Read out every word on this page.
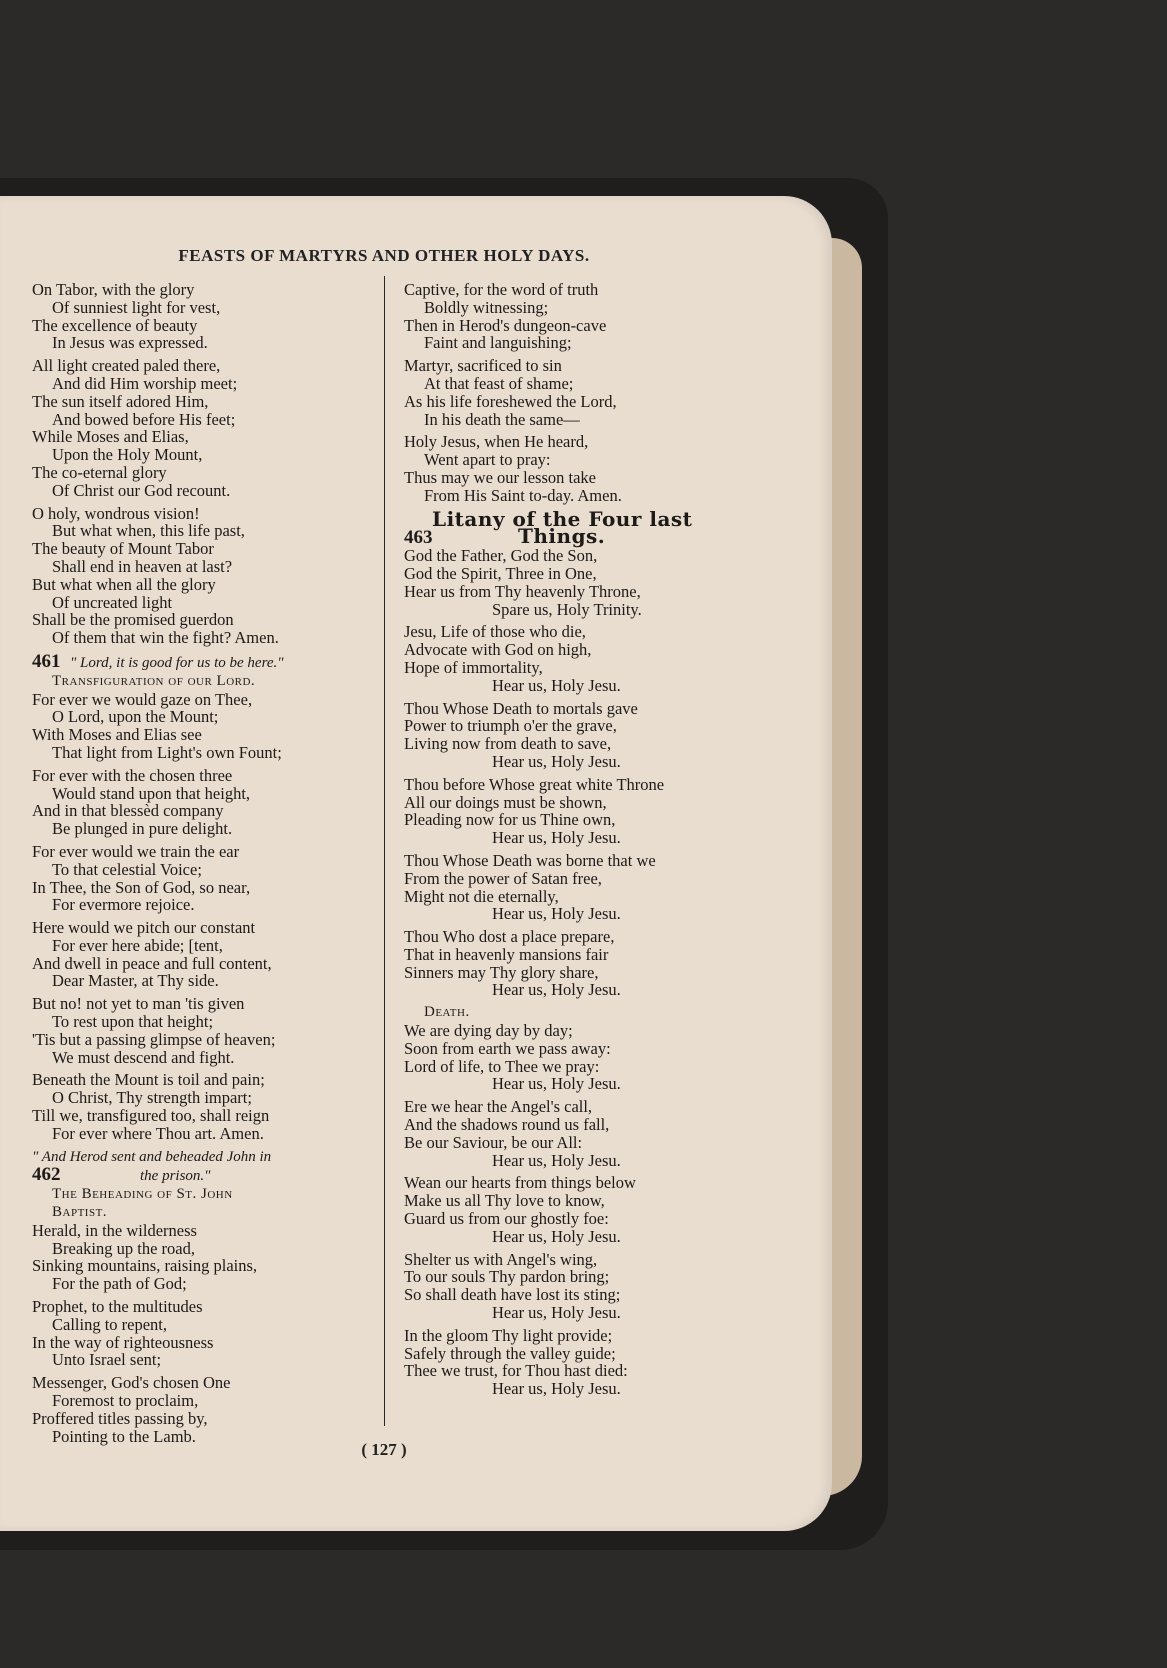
FEASTS OF MARTYRS AND OTHER HOLY DAYS.
On Tabor, with the glory
Of sunniest light for vest,
The excellence of beauty
In Jesus was expressed.
All light created paled there,
And did Him worship meet;
The sun itself adored Him,
And bowed before His feet;
While Moses and Elias,
Upon the Holy Mount,
The co-eternal glory
Of Christ our God recount.
O holy, wondrous vision!
But what when, this life past,
The beauty of Mount Tabor
Shall end in heaven at last?
But what when all the glory
Of uncreated light
Shall be the promised guerdon
Of them that win the fight? Amen.
461 " Lord, it is good for us to be here."
Transfiguration of our Lord.
For ever we would gaze on Thee,
O Lord, upon the Mount;
With Moses and Elias see
That light from Light's own Fount;
For ever with the chosen three
Would stand upon that height,
And in that blessèd company
Be plunged in pure delight.
For ever would we train the ear
To that celestial Voice;
In Thee, the Son of God, so near,
For evermore rejoice.
Here would we pitch our constant
For ever here abide; [tent,
And dwell in peace and full content,
Dear Master, at Thy side.
But no! not yet to man 'tis given
To rest upon that height;
'Tis but a passing glimpse of heaven;
We must descend and fight.
Beneath the Mount is toil and pain;
O Christ, Thy strength impart;
Till we, transfigured too, shall reign
For ever where Thou art. Amen.
" And Herod sent and beheaded John in
462	the prison."
The Beheading of St. John
Baptist.
Herald, in the wilderness
Breaking up the road,
Sinking mountains, raising plains,
For the path of God;
Prophet, to the multitudes
Calling to repent,
In the way of righteousness
Unto Israel sent;
Messenger, God's chosen One
Foremost to proclaim,
Proffered titles passing by,
Pointing to the Lamb.
Captive, for the word of truth
Boldly witnessing;
Then in Herod's dungeon-cave
Faint and languishing;
Martyr, sacrificed to sin
At that feast of shame;
As his life foreshewed the Lord,
In his death the same—
Holy Jesus, when He heard,
Went apart to pray:
Thus may we our lesson take
From His Saint to-day. Amen.
Litany of the Four last
463	Things.
God the Father, God the Son,
God the Spirit, Three in One,
Hear us from Thy heavenly Throne,
Spare us, Holy Trinity.
Jesu, Life of those who die,
Advocate with God on high,
Hope of immortality,
Hear us, Holy Jesu.
Thou Whose Death to mortals gave
Power to triumph o'er the grave,
Living now from death to save,
Hear us, Holy Jesu.
Thou before Whose great white Throne
All our doings must be shown,
Pleading now for us Thine own,
Hear us, Holy Jesu.
Thou Whose Death was borne that we
From the power of Satan free,
Might not die eternally,
Hear us, Holy Jesu.
Thou Who dost a place prepare,
That in heavenly mansions fair
Sinners may Thy glory share,
Hear us, Holy Jesu.
Death.
We are dying day by day;
Soon from earth we pass away:
Lord of life, to Thee we pray:
Hear us, Holy Jesu.
Ere we hear the Angel's call,
And the shadows round us fall,
Be our Saviour, be our All:
Hear us, Holy Jesu.
Wean our hearts from things below
Make us all Thy love to know,
Guard us from our ghostly foe:
Hear us, Holy Jesu.
Shelter us with Angel's wing,
To our souls Thy pardon bring;
So shall death have lost its sting;
Hear us, Holy Jesu.
In the gloom Thy light provide;
Safely through the valley guide;
Thee we trust, for Thou hast died:
Hear us, Holy Jesu.
( 127 )
